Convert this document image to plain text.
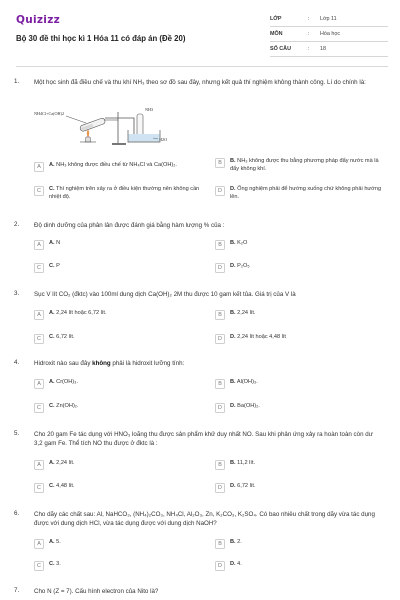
Quizizz
Bộ 30 đề thi học kì 1 Hóa 11 có đáp án (Đề 20)
LỚP	:	Lớp 11
MÔN	:	Hóa học
SỐ CÂU	:	18
1. Một học sinh đã điều chế và thu khí NH₃ theo sơ đồ sau đây, nhưng kết quả thí nghiệm không thành công. Lí do chính là:
NH4Cl+Ca(OH)2
NH3
H2O
A	A. NH₃ không được điều chế từ NH₄Cl và Ca(OH)₂.	B	B. NH₃ không được thu bằng phương pháp đẩy nước mà là đẩy không khí.
C	C. Thí nghiệm trên xảy ra ở điều kiện thường nên không cần nhiệt độ.
D	D. Ống nghiệm phải để hướng xuống chứ không phải hướng lên.
2. Độ dinh dưỡng của phân lân được đánh giá bằng hàm lượng % của :
A	A. N	B	B. K₂O
C	C. P	D	D. P₂O₅
3. Sục V lít CO₂ (đktc) vào 100ml dung dịch Ca(OH)₂ 2M thu được 10 gam kết tủa. Giá trị của V là
A	A. 2,24 lít hoặc 6,72 lít.	B	B. 2,24 lít.
C	C. 6,72 lít.	D	D. 2,24 lít hoặc 4,48 lít
4. Hidroxit nào sau đây không phải là hidroxit lưỡng tính:
A	A. Cr(OH)₃.	B	B. Al(OH)₃.
C	C. Zn(OH)₂.	D	D. Ba(OH)₂.
5. Cho 20 gam Fe tác dụng với HNO₃ loãng thu được sản phẩm khử duy nhất NO. Sau khi phản ứng xảy ra hoàn toàn còn dư 3,2 gam Fe. Thể tích NO thu được ở đktc là :
A	A. 2,24 lít.	B	B. 11,2 lít.
C	C. 4,48 lít.	D	D. 6,72 lít.
6. Cho dãy các chất sau: Al, NaHCO₃, (NH₄)₂CO₃, NH₄Cl, Al₂O₃, Zn, K₂CO₃, K₂SO₄. Có bao nhiêu chất trong dãy vừa tác dụng được với dung dịch HCl, vừa tác dụng được với dung dịch NaOH?
A	A. 5.	B	B. 2.
C	C. 3.	D	D. 4.
7. Cho N (Z = 7). Cấu hình electron của Nito là?
